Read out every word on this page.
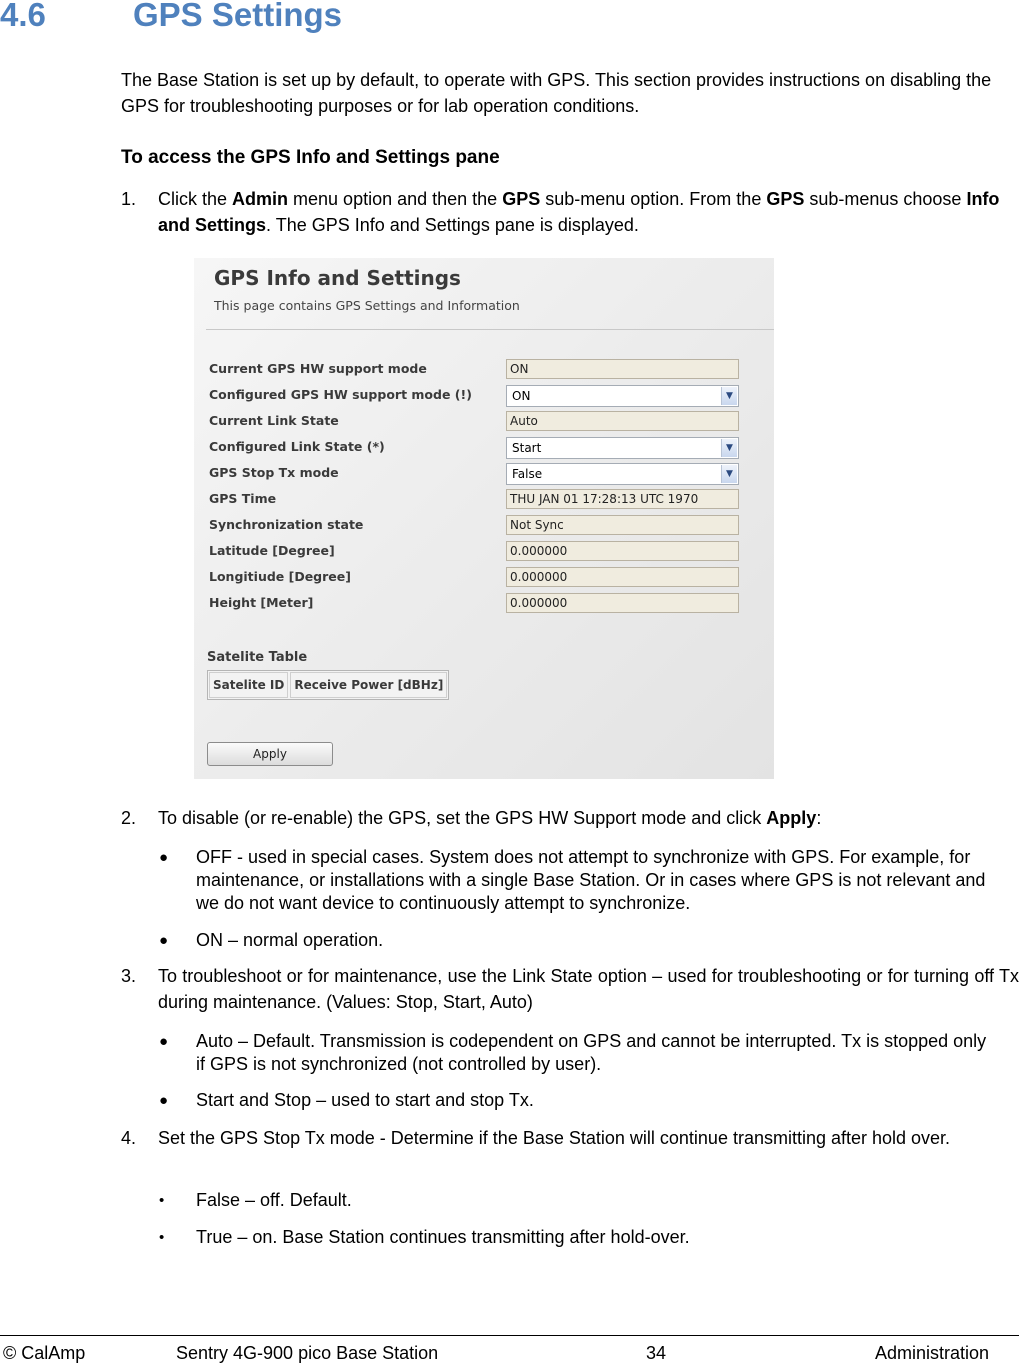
4.6	GPS Settings
The Base Station is set up by default, to operate with GPS. This section provides instructions on disabling the GPS for troubleshooting purposes or for lab operation conditions.
To access the GPS Info and Settings pane
1. Click the Admin menu option and then the GPS sub-menu option. From the GPS sub-menus choose Info and Settings. The GPS Info and Settings pane is displayed.
GPS Info and Settings
This page contains GPS Settings and Information
Current GPS HW support mode	ON
Configured GPS HW support mode (!)	ON	▼
Current Link State	Auto
Configured Link State (*)	Start	▼
GPS Stop Tx mode	False	▼
GPS Time	THU JAN 01 17:28:13 UTC 1970
Synchronization state	Not Sync
Latitude [Degree]	0.000000
Longitiude [Degree]	0.000000
Height [Meter]	0.000000
Satelite Table
Satelite ID Receive Power [dBHz]
Apply
2. To disable (or re-enable) the GPS, set the GPS HW Support mode and click Apply:
● OFF - used in special cases. System does not attempt to synchronize with GPS. For example, for maintenance, or installations with a single Base Station. Or in cases where GPS is not relevant and we do not want device to continuously attempt to synchronize.
● ON – normal operation.
3. To troubleshoot or for maintenance, use the Link State option – used for troubleshooting or for turning off Tx during maintenance. (Values: Stop, Start, Auto)
● Auto – Default. Transmission is codependent on GPS and cannot be interrupted. Tx is stopped only if GPS is not synchronized (not controlled by user).
● Start and Stop – used to start and stop Tx.
4. Set the GPS Stop Tx mode - Determine if the Base Station will continue transmitting after hold over.
• False – off. Default.
• True – on. Base Station continues transmitting after hold-over.
© CalAmp	Sentry 4G-900 pico Base Station	34	Administration
